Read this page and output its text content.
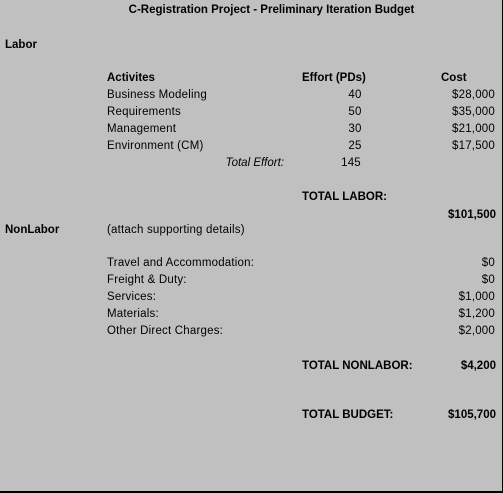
C-Registration Project - Preliminary Iteration Budget
Labor
Activites	Effort (PDs)	Cost
Business Modeling	40	$28,000
Requirements	50	$35,000
Management	30	$21,000
Environment (CM)	25	$17,500
Total Effort:	145
TOTAL LABOR:
$101,500
NonLabor	(attach supporting details)
Travel and Accommodation:	$0
Freight & Duty:	$0
Services:	$1,000
Materials:	$1,200
Other Direct Charges:	$2,000
TOTAL NONLABOR:	$4,200
TOTAL BUDGET:	$105,700
